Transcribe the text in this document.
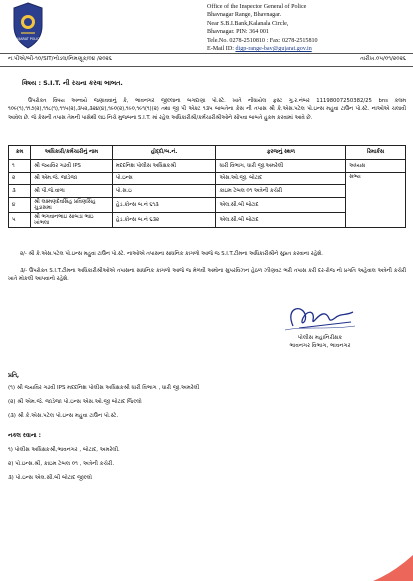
GUJARAT POLICE
Office of the Inspector General of Police
Bhavnagar Range, Bhavnagar.
Near S.B.I.Bank,Kalanala Circle,
Bhavnagar. PIN: 364 001
Tele.No. 0278-2510810 : Fax: 0278-2515810
E-Mail ID: digp-range-bav@gujarat.gov.in
ન.પીએ/બી-૧૦/SIT/નોડલ/નિમણૂક/૦૪ /૨૦૨૬	તારીખ.૦૫/૦૧/૨૦૨૬
વિષય : S.I.T. ની રચના કરવા બાબત.
ઉપરોક્ત વિષય અન્વયે જણાવવાનું કે, ભાવનગર જીલ્લાના બગદાણા પો.સ્ટે. ખાતે નોંધાયેલ ફસ્ટ ગુ.ર.નંબર 11198007250382/25 bns કલમ ૧૦૯(૧),૧૧૭(૨),૧૧૮(૧),૧૧૫(૨),૩૫૨,૩૨૪(૪),૧૯૦(૨),૧૯૦,૧૯૧(૧)(૨) તથા જી પી એક્ટ ૧૩૫ બાબતેના કેસ ની તપાસ શ્રી કે.એસ.પટેલ પો.ઇન્સ મહુવા ટાઉન પો.સ્ટે. નાઓએ ચલાવી આવેલ છે. જે કેસની તપાસ તેમની પાસેથી લઇ નિચે મુજબના S.I.T. માં રહેલ અધિકારીશ્રી/કર્મચારીશ્રીઓને સોંપવા બાબતે હુકમ કરવામાં આવે છે.
ક્રમ	અધિકારી/કર્મચારીનું નામ	હોદ્દો/બ.નં.	ફરજનું સ્થળ	રિમાર્કસ
૧	શ્રી જયવિર ગઢવી IPS	મદદનિશ પોલીસ અધિક્ષકશ્રી	ધારી વિભાગ, ધારી જી.અમરેલી	અધ્યક્ષ
૨	શ્રી એમ.જે. જાડેજા	પો.ઇન્સ	એસ.ઓ.જી. બોટાદ	સભ્ય
૩	શ્રી પી.જે.વાળા	પો.સ.ઇ	કાઇમ ટેબલ ૦૧ અત્રેની કચેરી	
૪	શ્રી લક્ષ્મણદેવસિંહ પ્રવિણસિંહ ચુડાસમા	હેડ.કોન્સ બ.નં ૬૧૩	એલ.સી.બી બોટાદ	
૫	શ્રી ભગવાનભાઇ સાબડા ભાઇ ખાંભલા	હેડ.કોન્સ બ.નં ૬૩૨	એલ.સી.બી બોટાદ	
૨/- શ્રી કે.એસ.પટેલ પો.ઇન્સ મહુવા ટાઉન પો.સ્ટે. નાઓએ તપાસના સાધનિક કાગળો આજે જ S.I.T.ટીમના અધિકારીશ્રીને સુપ્રત કરવાના રહેશે.
૩/- ઉપરોક્ત S.I.T.ટીમના અધિકારીશ્રીઓએ તપાસના સાધનિક કાગળો આજે જ મેળવી અમોના સુપરવિઝન હેઠળ ઝીણવટ ભરી તપાસ કરી દર-રોજ નો પ્રગતિ અહેવાલ અત્રેની કચેરી ખાતે મોકલી આપવાનો રહેશે.
પોલીસ મહાનિરીક્ષક
ભાવનગર વિભાગ, ભાવનગર
પ્રતિ,
(૧) શ્રી જયવિર ગઢવી IPS મદદનિશ પોલીસ અધિક્ષકશ્રી ધારી વિભાગ , ધારી જી.અમરેલી
(૨) શ્રી એમ.જે. જાડેજા પો.ઇન્સ એસ.ઓ.જી બોટાદ જિલ્લો
(૩) શ્રી કે.એસ.પટેલ પો.ઇન્સ મહુવા ટાઉન પો.સ્ટે.
નકલ રવાના :
૧) પોલીસ અધિક્ષકશ્રી,ભાવનગર , બોટાદ, અમરેલી.
૨) પો.ઇન્સ.શ્રી, કાઇમ ટેબલ ૦૧ , અત્રેની કચેરી.
૩) પો.ઇન્સ એલ.સી.બી બોટાદ જીલ્લો
